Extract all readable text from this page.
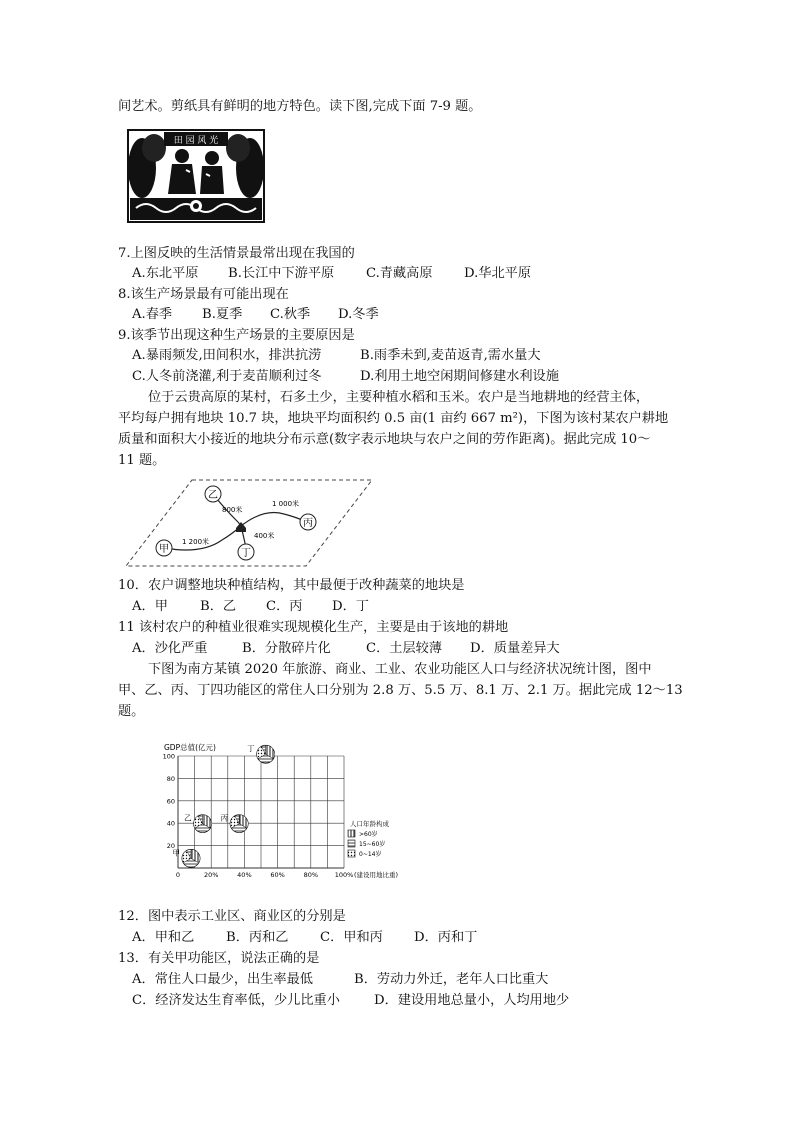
间艺术。剪纸具有鲜明的地方特色。读下图,完成下面 7-9 题。
田 园 风 光
7.上图反映的生活情景最常出现在我国的
A.东北平原	B.长江中下游平原	C.青藏高原	D.华北平原
8.该生产场景最有可能出现在
A.春季	B.夏季	C.秋季	D.冬季
9.该季节出现这种生产场景的主要原因是
A.暴雨频发,田间积水，排洪抗涝	B.雨季未到,麦苗返青,需水量大
C.人冬前浇灌,利于麦苗顺利过冬	D.利用土地空闲期间修建水利设施
位于云贵高原的某村，石多土少，主要种植水稻和玉米。农户是当地耕地的经营主体，
平均每户拥有地块 10.7 块，地块平均面积约 0.5 亩(1 亩约 667 m²)，下图为该村某农户耕地
质量和面积大小接近的地块分布示意(数字表示地块与农户之间的劳作距离)。据此完成 10～
11 题。
乙
丙
丁
甲
800米
1 000米
400米
1 200米
10．农户调整地块种植结构，其中最便于改种蔬菜的地块是
A．甲	B．乙	C．丙	D．丁
11 该村农户的种植业很难实现规模化生产，主要是由于该地的耕地
A．沙化严重	B．分散碎片化	C．土层较薄	D．质量差异大
下图为南方某镇 2020 年旅游、商业、工业、农业功能区人口与经济状况统计图，图中
甲、乙、丙、丁四功能区的常住人口分别为 2.8 万、5.5 万、8.1 万、2.1 万。据此完成 12～13
题。
GDP总值(亿元)
0	20%	40%	60%	80%	100%
20
40
60
80
100
甲
乙	丙
丁
(建设用地比重)
人口年龄构成
>60岁
15~60岁
0~14岁
12．图中表示工业区、商业区的分别是
A．甲和乙	B．丙和乙	C．甲和丙	D．丙和丁
13．有关甲功能区，说法正确的是
A．常住人口最少，出生率最低	B．劳动力外迁，老年人口比重大
C．经济发达生育率低，少儿比重小	D．建设用地总量小，人均用地少
